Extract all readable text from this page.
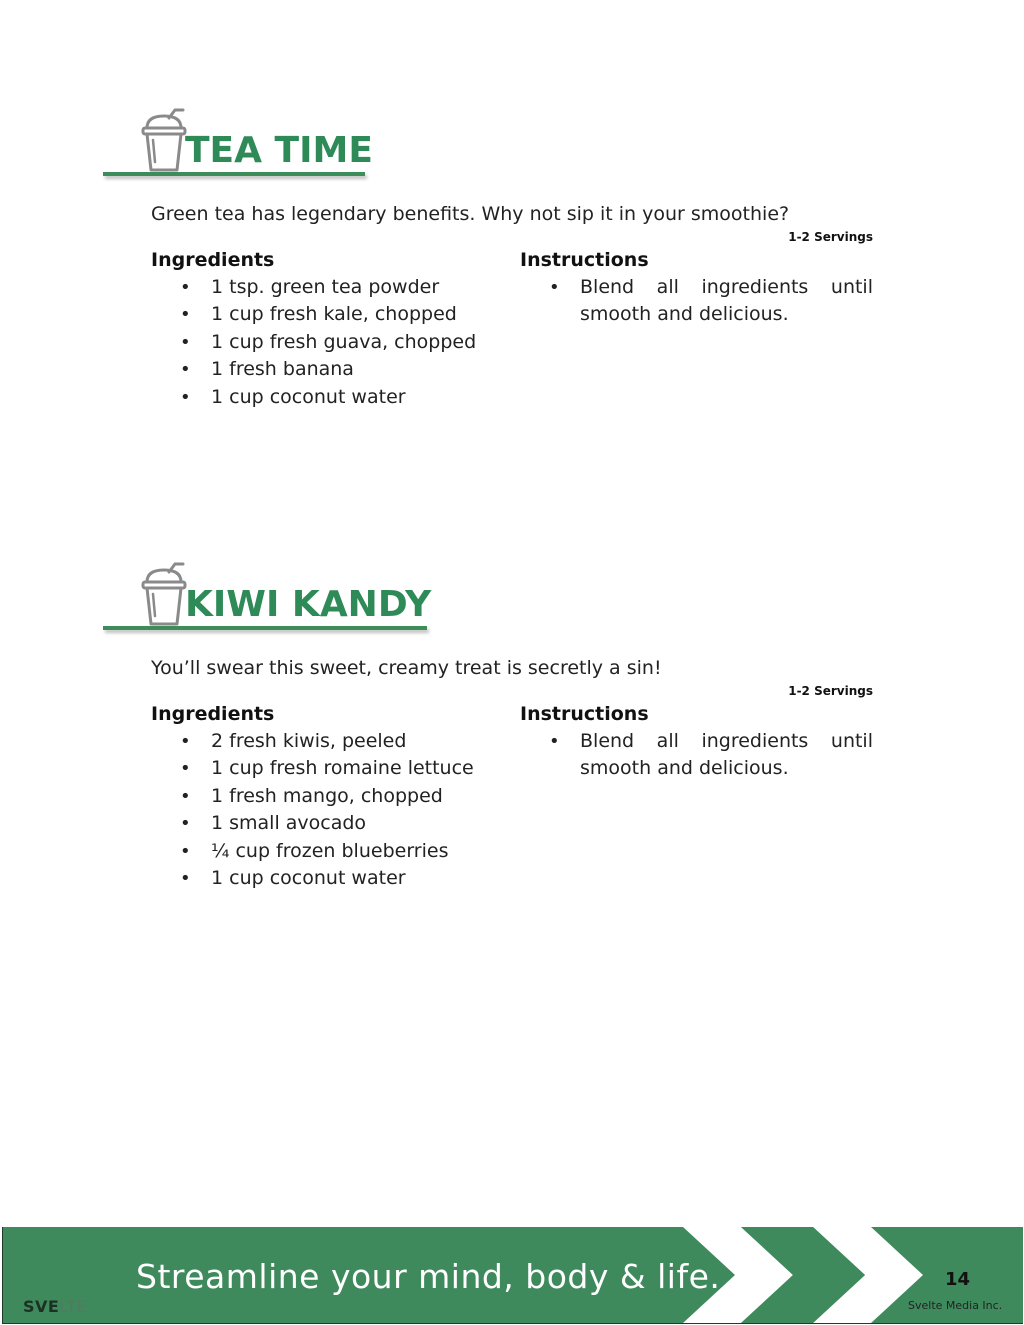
TEA TIME
Green tea has legendary benefits. Why not sip it in your smoothie?
1-2 Servings
Ingredients	Instructions
• 1 tsp. green tea powder
• 1 cup fresh kale, chopped
• 1 cup fresh guava, chopped
• 1 fresh banana
• 1 cup coconut water
• Blend all ingredients until smooth and delicious.
KIWI KANDY
You’ll swear this sweet, creamy treat is secretly a sin!
1-2 Servings
Ingredients	Instructions
• 2 fresh kiwis, peeled
• 1 cup fresh romaine lettuce
• 1 fresh mango, chopped
• 1 small avocado
• ¼ cup frozen blueberries
• 1 cup coconut water
• Blend all ingredients until smooth and delicious.
Streamline your mind, body & life.
SVELTE
14
Svelte Media Inc.
